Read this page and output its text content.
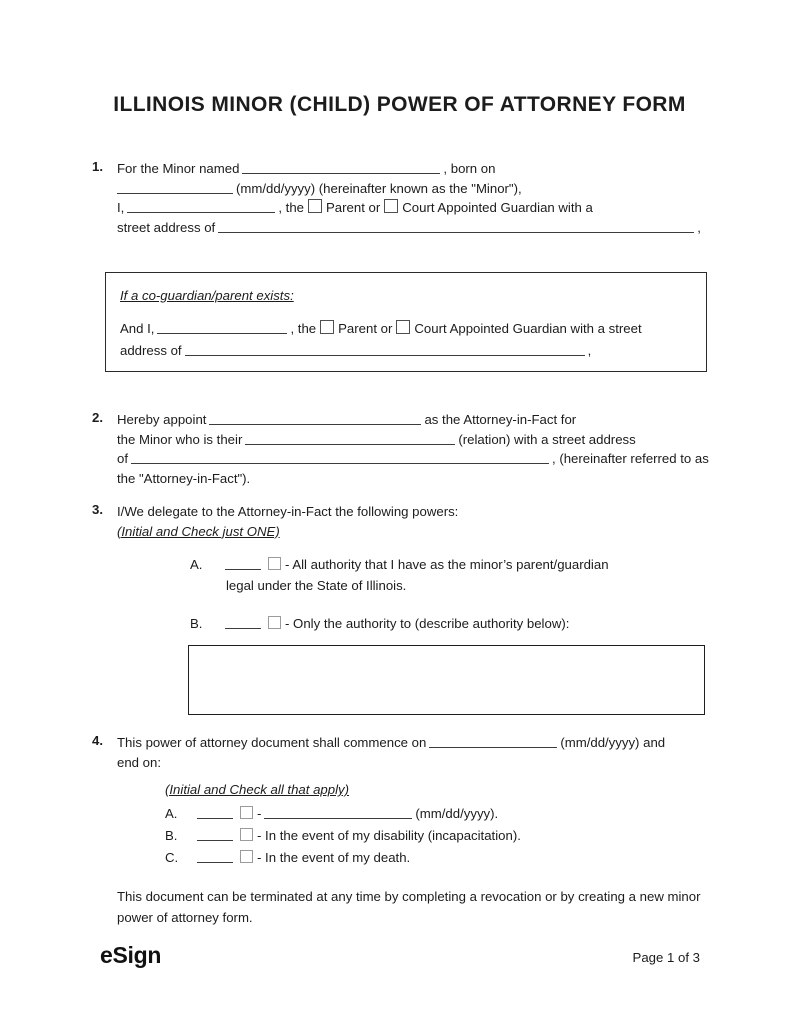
ILLINOIS MINOR (CHILD) POWER OF ATTORNEY FORM
1.	For the Minor named	, born on
(mm/dd/yyyy) (hereinafter known as the "Minor"),
I,	, the Parent or Court Appointed Guardian with a
street address of	,
If a co-guardian/parent exists:
And I,	, the Parent or Court Appointed Guardian with a street
address of	,
2.	Hereby appoint	as the Attorney-in-Fact for
the Minor who is their	(relation) with a street address
of	, (hereinafter referred to as
the "Attorney-in-Fact").
3.	I/We delegate to the Attorney-in-Fact the following powers:
(Initial and Check just ONE)
A.	- All authority that I have as the minor’s parent/guardian
legal under the State of Illinois.
B.	- Only the authority to (describe authority below):
4.	This power of attorney document shall commence on	(mm/dd/yyyy) and
end on:
(Initial and Check all that apply)
A.	-	(mm/dd/yyyy).
B.	- In the event of my disability (incapacitation).
C.	- In the event of my death.
This document can be terminated at any time by completing a revocation or by creating a new minor power of attorney form.
eSign	Page 1 of 3
